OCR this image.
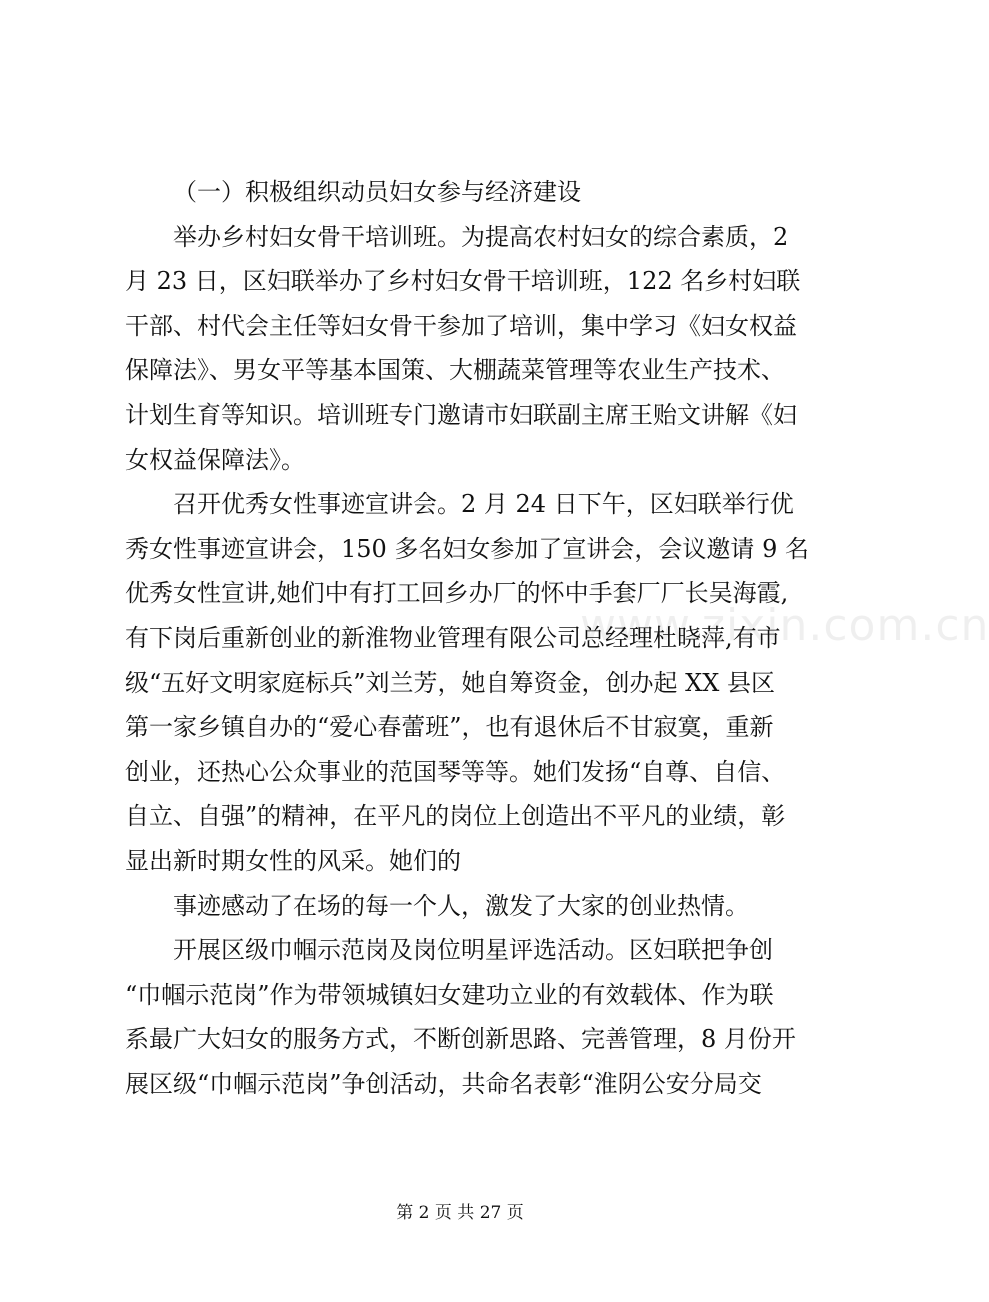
（一）积极组织动员妇女参与经济建设
举办乡村妇女骨干培训班。为提高农村妇女的综合素质，2
月 23 日，区妇联举办了乡村妇女骨干培训班，122 名乡村妇联
干部、村代会主任等妇女骨干参加了培训，集中学习《妇女权益
保障法》、男女平等基本国策、大棚蔬菜管理等农业生产技术、
计划生育等知识。培训班专门邀请市妇联副主席王贻文讲解《妇
女权益保障法》。
召开优秀女性事迹宣讲会。2 月 24 日下午，区妇联举行优
秀女性事迹宣讲会，150 多名妇女参加了宣讲会，会议邀请 9 名
优秀女性宣讲,她们中有打工回乡办厂的怀中手套厂厂长吴海霞,
有下岗后重新创业的新淮物业管理有限公司总经理杜晓萍,有市
级“五好文明家庭标兵”刘兰芳，她自筹资金，创办起 XX 县区
第一家乡镇自办的“爱心春蕾班”，也有退休后不甘寂寞，重新
创业，还热心公众事业的范国琴等等。她们发扬“自尊、自信、
自立、自强”的精神，在平凡的岗位上创造出不平凡的业绩，彰
显出新时期女性的风采。她们的
事迹感动了在场的每一个人，激发了大家的创业热情。
开展区级巾帼示范岗及岗位明星评选活动。区妇联把争创
“巾帼示范岗”作为带领城镇妇女建功立业的有效载体、作为联
系最广大妇女的服务方式，不断创新思路、完善管理，8 月份开
展区级“巾帼示范岗”争创活动，共命名表彰“淮阴公安分局交
www.zixin.com.cn
第 2 页 共 27 页
